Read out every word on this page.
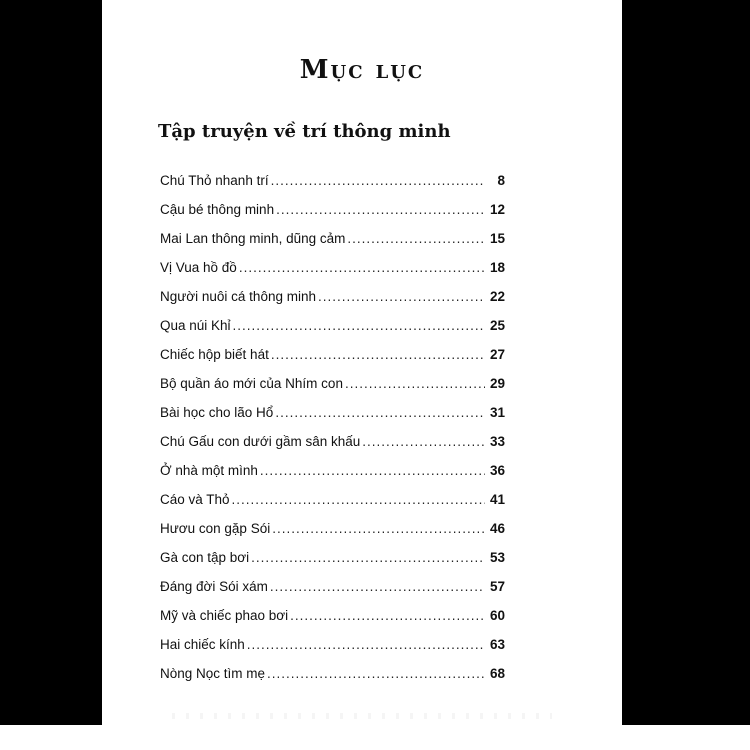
Mục lục
Tập truyện về trí thông minh
Chú Thỏ nhanh trí .....	8
Cậu bé thông minh .....	12
Mai Lan thông minh, dũng cảm .....	15
Vị Vua hồ đồ .....	18
Người nuôi cá thông minh .....	22
Qua núi Khỉ .....	25
Chiếc hộp biết hát .....	27
Bộ quần áo mới của Nhím con .....	29
Bài học cho lão Hổ .....	31
Chú Gấu con dưới gầm sân khấu .....	33
Ở nhà một mình .....	36
Cáo và Thỏ .....	41
Hươu con gặp Sói .....	46
Gà con tập bơi .....	53
Đáng đời Sói xám .....	57
Mỹ và chiếc phao bơi .....	60
Hai chiếc kính .....	63
Nòng Nọc tìm mẹ .....	68
